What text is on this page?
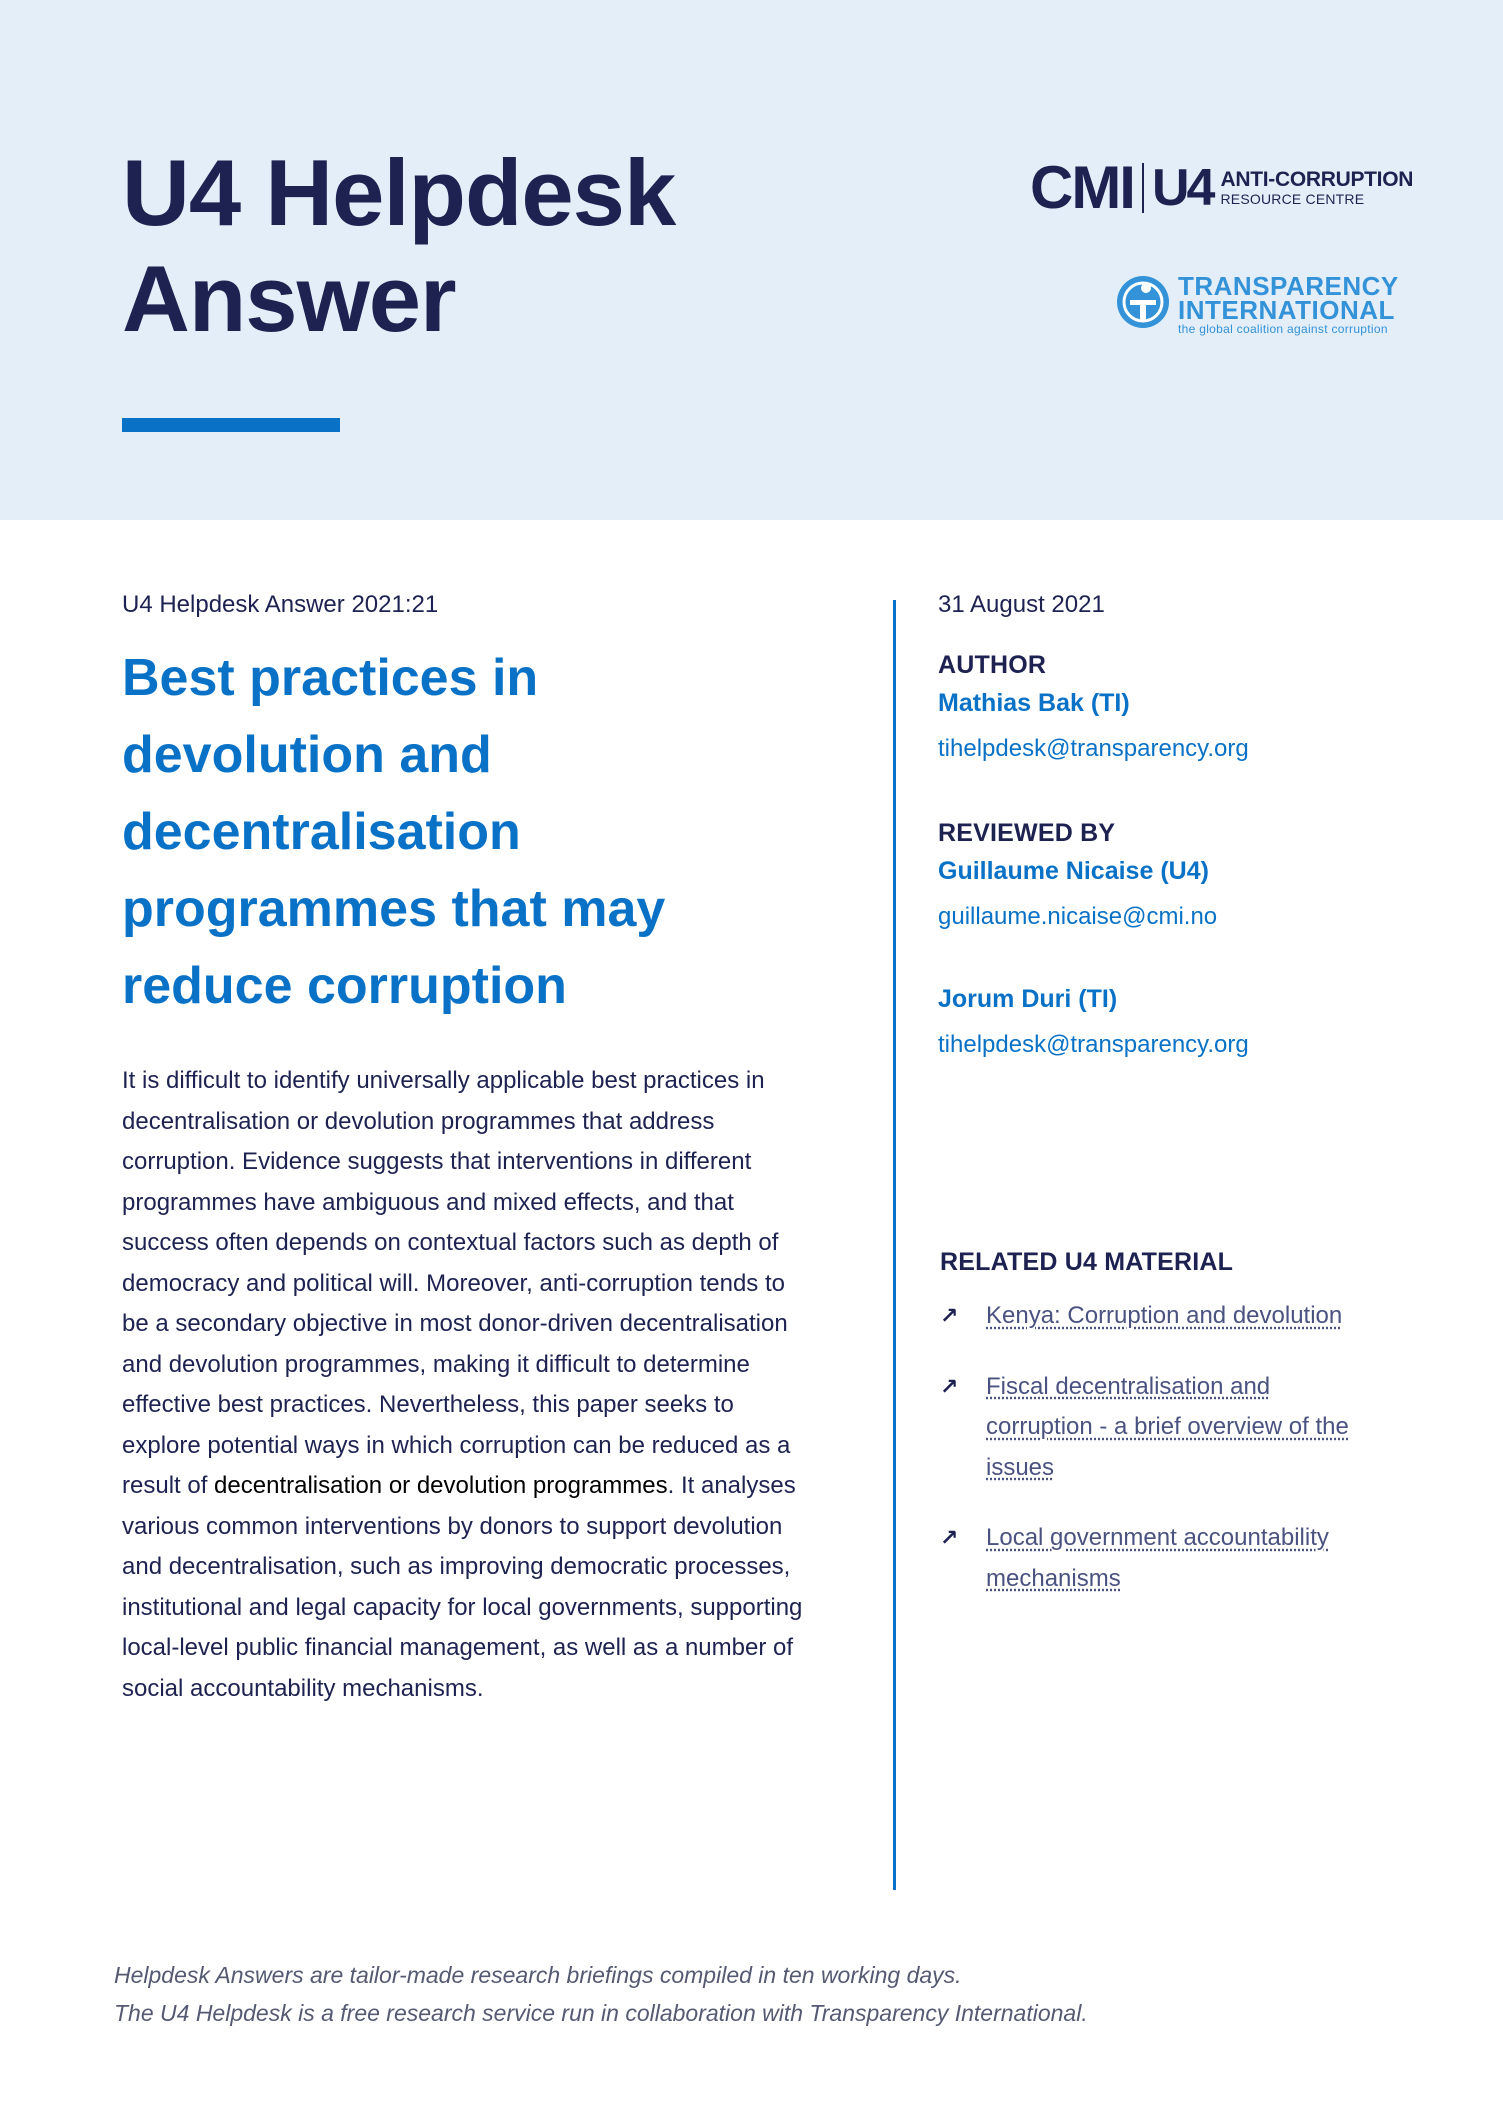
U4 Helpdesk
Answer
CMI U4 ANTI-CORRUPTION
RESOURCE CENTRE
TRANSPARENCY
INTERNATIONAL
the global coalition against corruption
U4 Helpdesk Answer 2021:21
Best practices in devolution and decentralisation programmes that may reduce corruption

It is difficult to identify universally applicable best practices in decentralisation or devolution programmes that address corruption. Evidence suggests that interventions in different programmes have ambiguous and mixed effects, and that success often depends on contextual factors such as depth of democracy and political will. Moreover, anti-corruption tends to be a secondary objective in most donor-driven decentralisation and devolution programmes, making it difficult to determine effective best practices. Nevertheless, this paper seeks to explore potential ways in which corruption can be reduced as a result of decentralisation or devolution programmes. It analyses various common interventions by donors to support devolution and decentralisation, such as improving democratic processes, institutional and legal capacity for local governments, supporting local-level public financial management, as well as a number of social accountability mechanisms.

31 August 2021
AUTHOR
Mathias Bak (TI)
tihelpdesk@transparency.org
REVIEWED BY
Guillaume Nicaise (U4)
guillaume.nicaise@cmi.no
Jorum Duri (TI)
tihelpdesk@transparency.org
RELATED U4 MATERIAL
↗	Kenya: Corruption and devolution
↗	Fiscal decentralisation and corruption - a brief overview of the issues
↗	Local government accountability mechanisms
Helpdesk Answers are tailor-made research briefings compiled in ten working days.
The U4 Helpdesk is a free research service run in collaboration with Transparency International.
